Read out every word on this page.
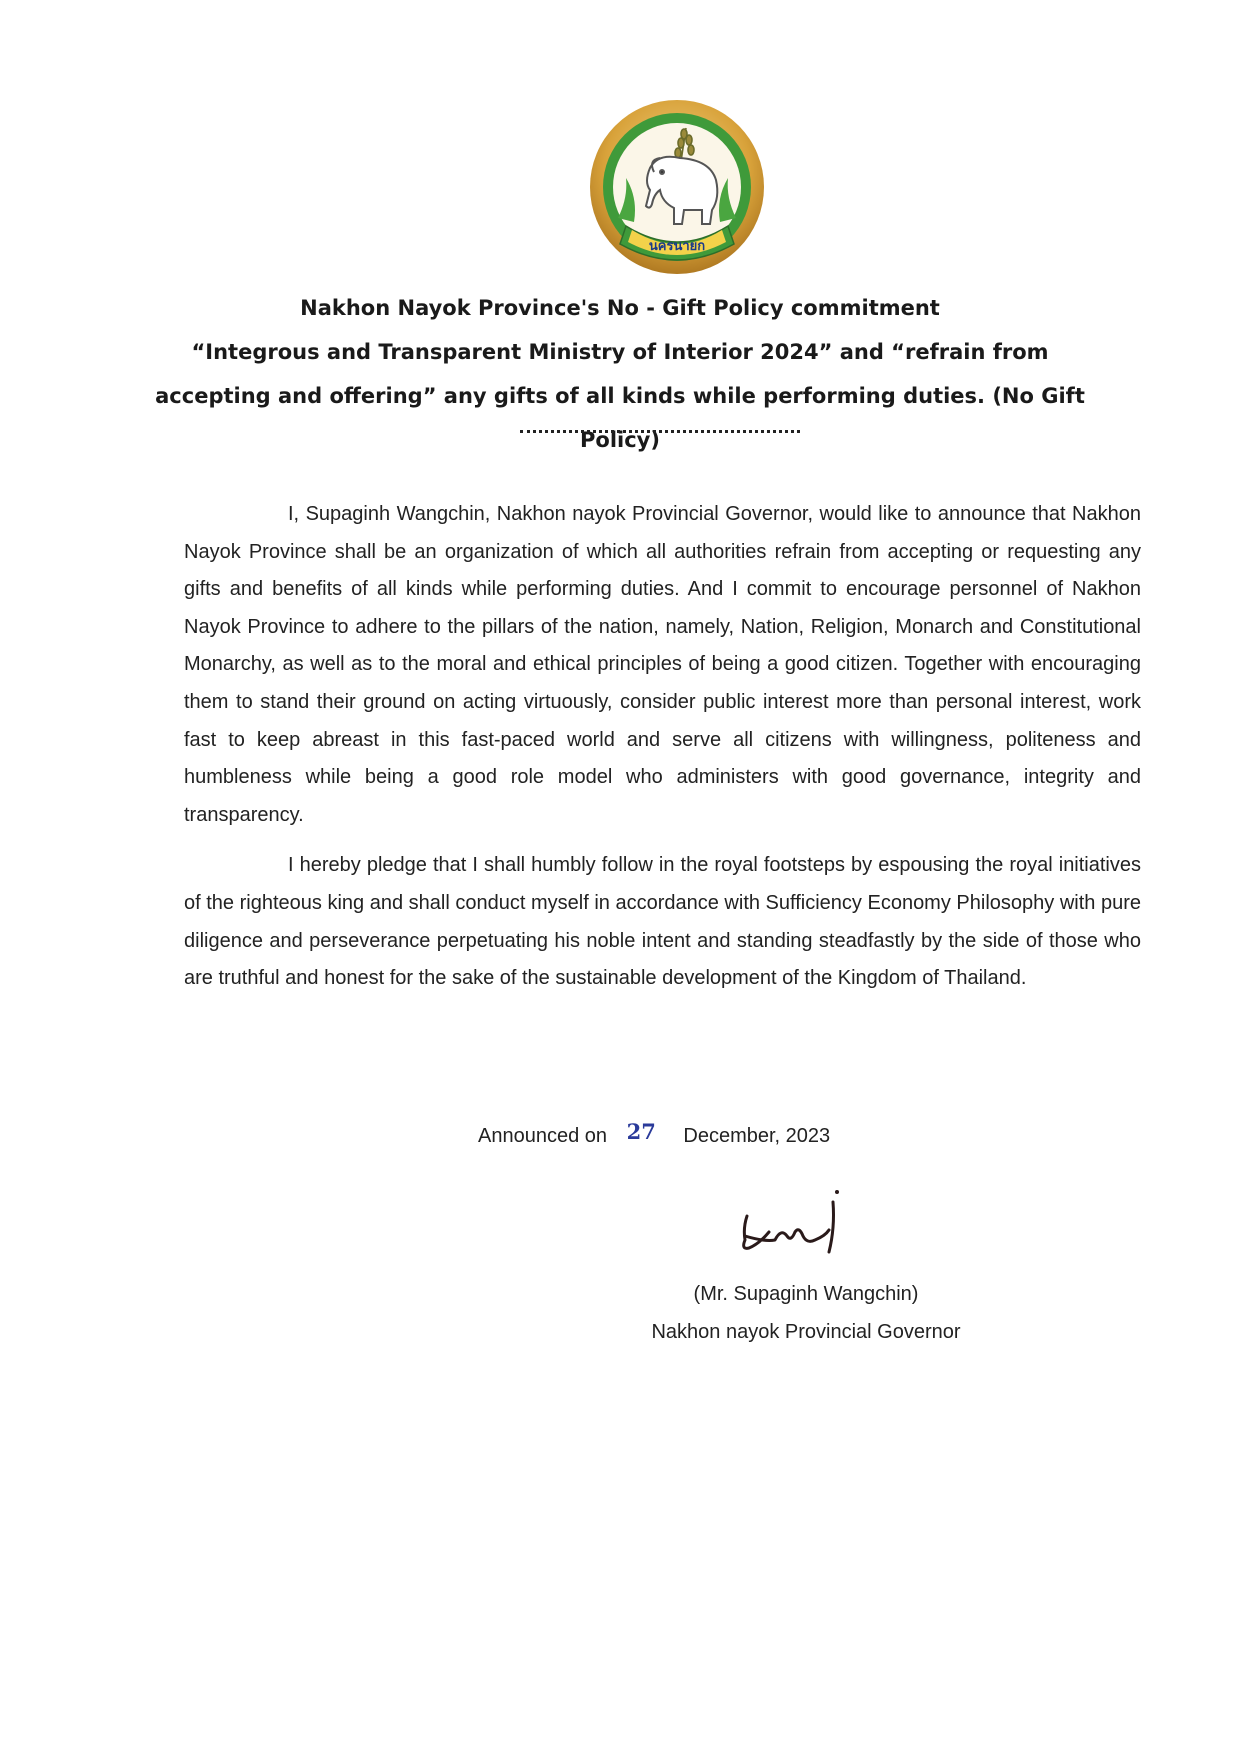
นครนายก
Nakhon Nayok Province's No - Gift Policy commitment
“Integrous and Transparent Ministry of Interior 2024” and “refrain from accepting and offering” any gifts of all kinds while performing duties. (No Gift Policy)

I, Supaginh Wangchin, Nakhon nayok Provincial Governor, would like to announce that Nakhon Nayok Province shall be an organization of which all authorities refrain from accepting or requesting any gifts and benefits of all kinds while performing duties. And I commit to encourage personnel of Nakhon Nayok Province to adhere to the pillars of the nation, namely, Nation, Religion, Monarch and Constitutional Monarchy, as well as to the moral and ethical principles of being a good citizen. Together with encouraging them to stand their ground on acting virtuously, consider public interest more than personal interest, work fast to keep abreast in this fast-paced world and serve all citizens with willingness, politeness and humbleness while being a good role model who administers with good governance, integrity and transparency.

I hereby pledge that I shall humbly follow in the royal footsteps by espousing the royal initiatives of the righteous king and shall conduct myself in accordance with Sufficiency Economy Philosophy with pure diligence and perseverance perpetuating his noble intent and standing steadfastly by the side of those who are truthful and honest for the sake of the sustainable development of the Kingdom of Thailand.

Announced on 27 December, 2023
(Mr. Supaginh Wangchin)
Nakhon nayok Provincial Governor
